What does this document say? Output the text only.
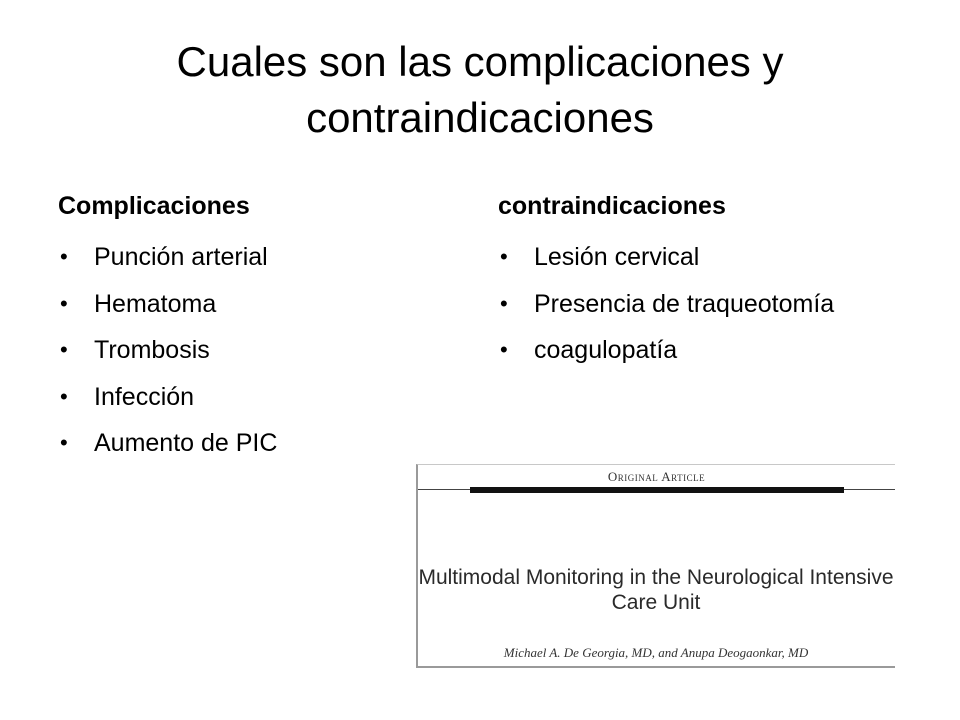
Cuales son las complicaciones y contraindicaciones
Complicaciones
• Punción arterial
• Hematoma
• Trombosis
• Infección
• Aumento de PIC
contraindicaciones
• Lesión cervical
• Presencia de traqueotomía
• coagulopatía
Original Article
Multimodal Monitoring in the Neurological Intensive Care Unit
Michael A. De Georgia, MD, and Anupa Deogaonkar, MD
